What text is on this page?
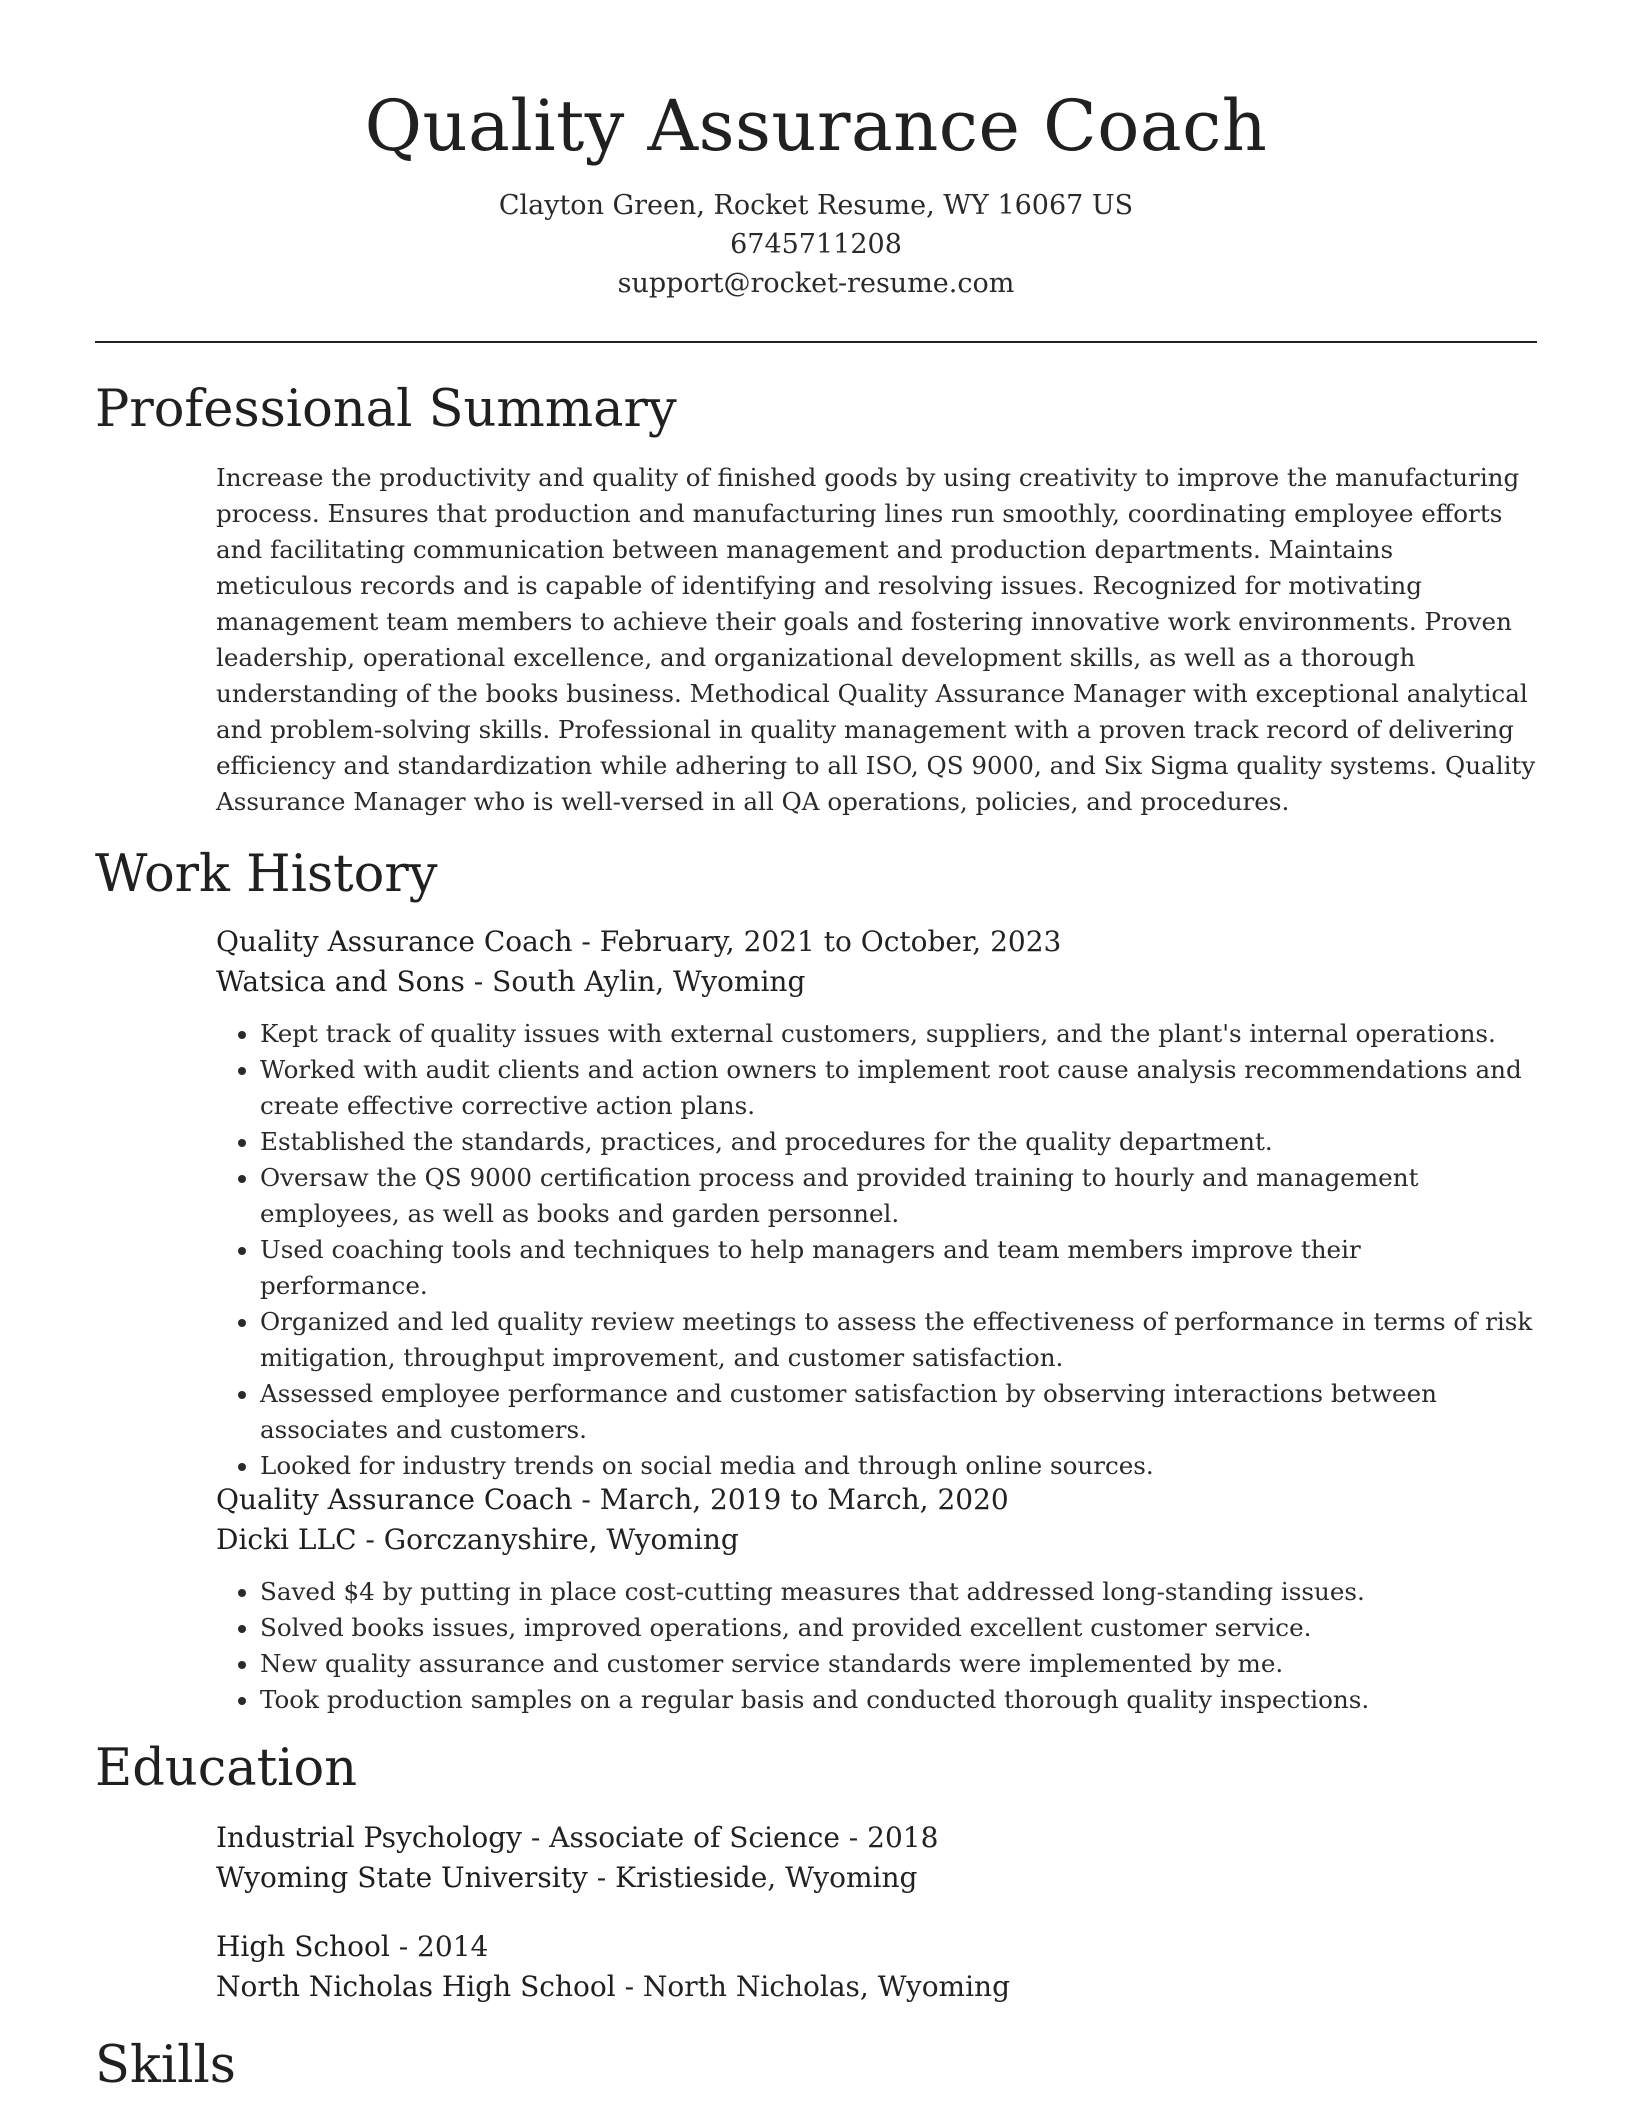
Quality Assurance Coach
Clayton Green, Rocket Resume, WY 16067 US
6745711208
support@rocket-resume.com
Professional Summary

Increase the productivity and quality of finished goods by using creativity to improve the manufacturing process. Ensures that production and manufacturing lines run smoothly, coordinating employee efforts and facilitating communication between management and production departments. Maintains meticulous records and is capable of identifying and resolving issues. Recognized for motivating management team members to achieve their goals and fostering innovative work environments. Proven leadership, operational excellence, and organizational development skills, as well as a thorough understanding of the books business. Methodical Quality Assurance Manager with exceptional analytical and problem-solving skills. Professional in quality management with a proven track record of delivering efficiency and standardization while adhering to all ISO, QS 9000, and Six Sigma quality systems. Quality Assurance Manager who is well-versed in all QA operations, policies, and procedures.

Work History
Quality Assurance Coach - February, 2021 to October, 2023
Watsica and Sons - South Aylin, Wyoming
• Kept track of quality issues with external customers, suppliers, and the plant's internal operations.
• Worked with audit clients and action owners to implement root cause analysis recommendations and create effective corrective action plans.
• Established the standards, practices, and procedures for the quality department.
• Oversaw the QS 9000 certification process and provided training to hourly and management employees, as well as books and garden personnel.
• Used coaching tools and techniques to help managers and team members improve their performance.
• Organized and led quality review meetings to assess the effectiveness of performance in terms of risk mitigation, throughput improvement, and customer satisfaction.
• Assessed employee performance and customer satisfaction by observing interactions between associates and customers.
• Looked for industry trends on social media and through online sources.
Quality Assurance Coach - March, 2019 to March, 2020
Dicki LLC - Gorczanyshire, Wyoming
• Saved $4 by putting in place cost-cutting measures that addressed long-standing issues.
• Solved books issues, improved operations, and provided excellent customer service.
• New quality assurance and customer service standards were implemented by me.
• Took production samples on a regular basis and conducted thorough quality inspections.
Education
Industrial Psychology - Associate of Science - 2018
Wyoming State University - Kristieside, Wyoming
High School - 2014
North Nicholas High School - North Nicholas, Wyoming
Skills
